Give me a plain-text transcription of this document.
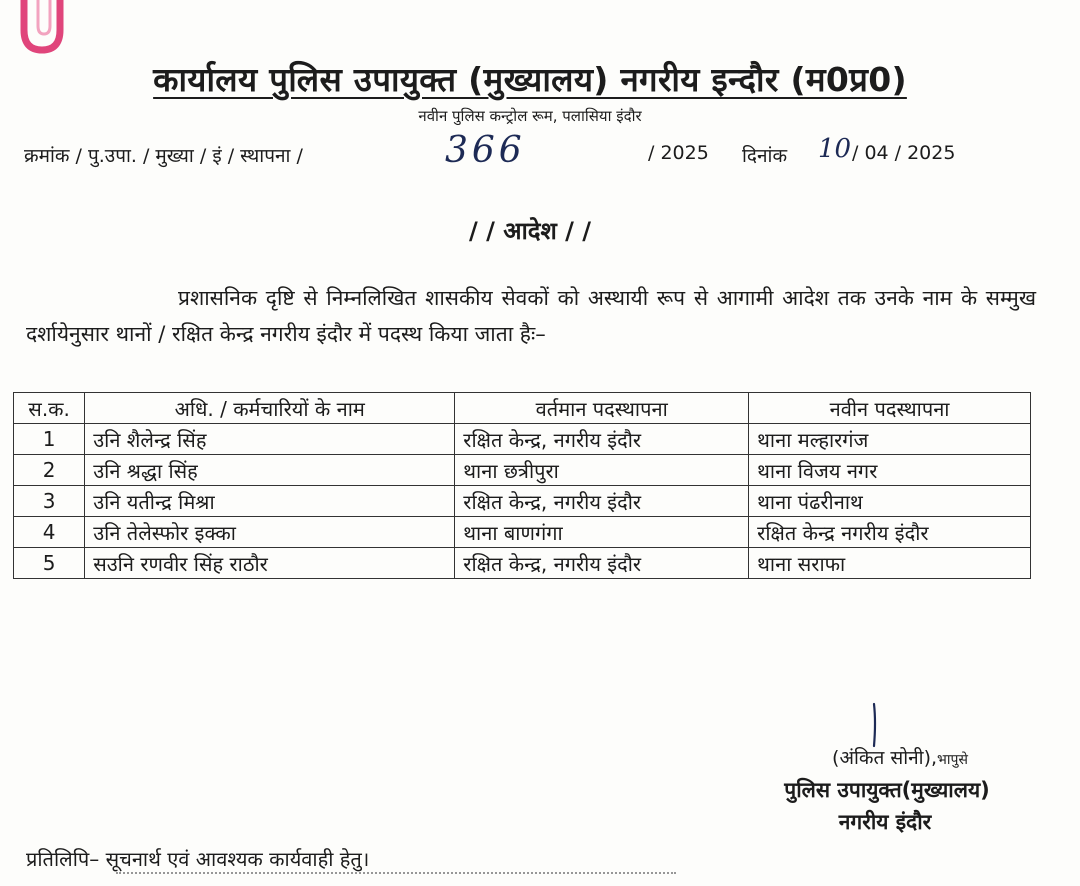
कार्यालय पुलिस उपायुक्त (मुख्यालय) नगरीय इन्दौर (म0प्र0)
नवीन पुलिस कन्ट्रोल रूम, पलासिया इंदौर
क्रमांक / पु.उपा. / मुख्या / इं / स्थापना /	366	/ 2025 दिनांक 10 / 04 / 2025
/ / आदेश / /
प्रशासनिक दृष्टि से निम्नलिखित शासकीय सेवकों को अस्थायी रूप से आगामी आदेश तक उनके नाम के सम्मुख दर्शायेनुसार थानों / रक्षित केन्द्र नगरीय इंदौर में पदस्थ किया जाता हैः–
स.क.	अधि. / कर्मचारियों के नाम	वर्तमान पदस्थापना	नवीन पदस्थापना
1	उनि शैलेन्द्र सिंह	रक्षित केन्द्र, नगरीय इंदौर	थाना मल्हारगंज
2	उनि श्रद्धा सिंह	थाना छत्रीपुरा	थाना विजय नगर
3	उनि यतीन्द्र मिश्रा	रक्षित केन्द्र, नगरीय इंदौर	थाना पंढरीनाथ
4	उनि तेलेस्फोर इक्का	थाना बाणगंगा	रक्षित केन्द्र नगरीय इंदौर
5	सउनि रणवीर सिंह राठौर	रक्षित केन्द्र, नगरीय इंदौर	थाना सराफा
(अंकित सोनी),भापुसे
पुलिस उपायुक्त(मुख्यालय)
नगरीय इंदौर
प्रतिलिपि– सूचनार्थ एवं आवश्यक कार्यवाही हेतु।
